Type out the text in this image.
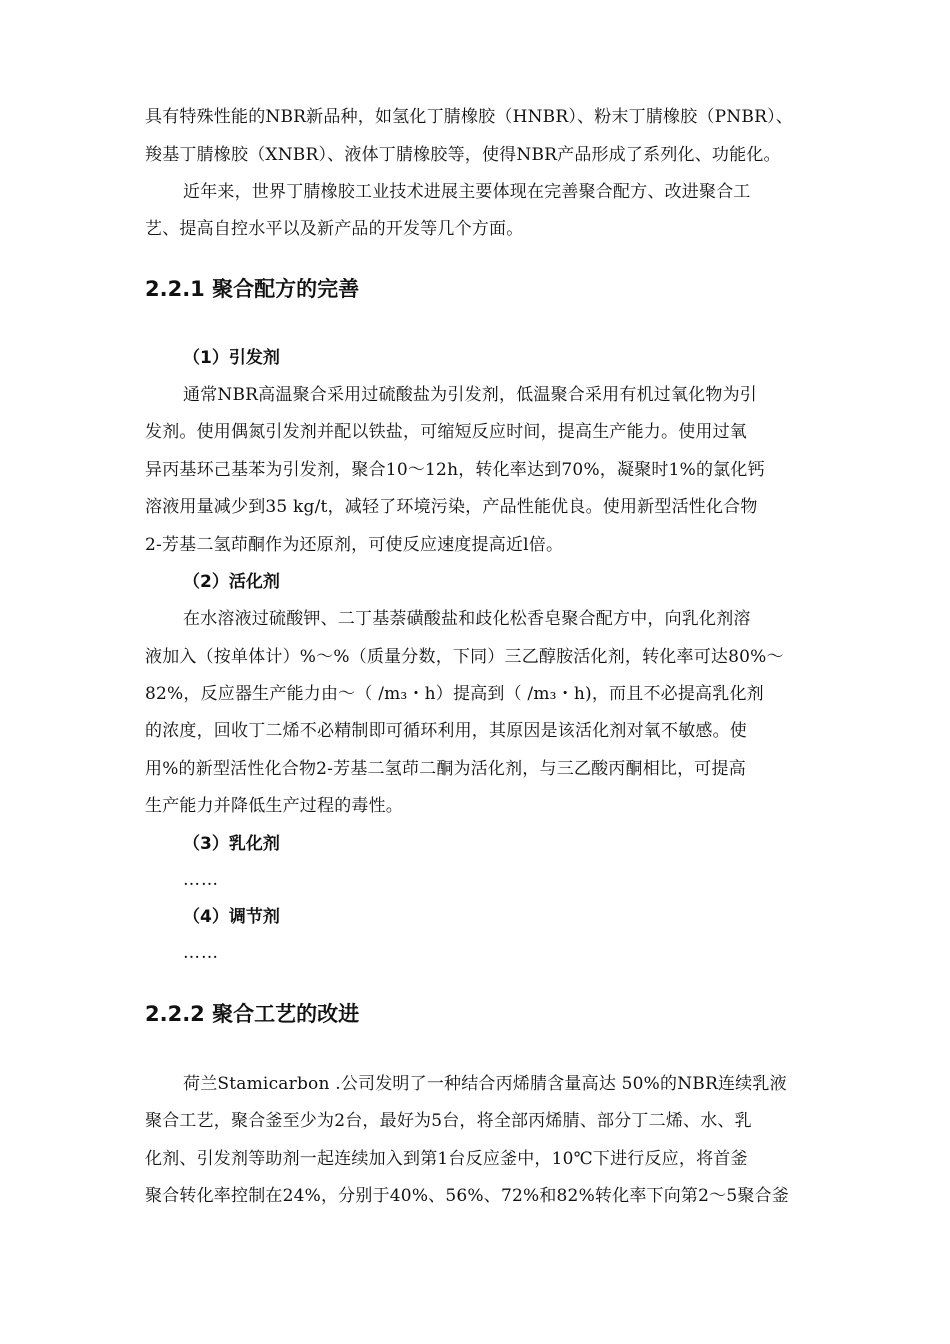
具有特殊性能的NBR新品种，如氢化丁腈橡胶（HNBR）、粉末丁腈橡胶（PNBR）、
羧基丁腈橡胶（XNBR）、液体丁腈橡胶等，使得NBR产品形成了系列化、功能化。
近年来，世界丁腈橡胶工业技术进展主要体现在完善聚合配方、改进聚合工
艺、提高自控水平以及新产品的开发等几个方面。
2.2.1 聚合配方的完善
（1）引发剂
通常NBR高温聚合采用过硫酸盐为引发剂，低温聚合采用有机过氧化物为引
发剂。使用偶氮引发剂并配以铁盐，可缩短反应时间，提高生产能力。使用过氧
异丙基环己基苯为引发剂，聚合10～12h，转化率达到70%，凝聚时1%的氯化钙
溶液用量减少到35 kg/t，减轻了环境污染，产品性能优良。使用新型活性化合物
2-芳基二氢茚酮作为还原剂，可使反应速度提高近l倍。
（2）活化剂
在水溶液过硫酸钾、二丁基萘磺酸盐和歧化松香皂聚合配方中，向乳化剂溶
液加入（按单体计）%～%（质量分数，下同）三乙醇胺活化剂，转化率可达80%～
82%，反应器生产能力由～（ /m₃・h）提高到（ /m₃・h)，而且不必提高乳化剂
的浓度，回收丁二烯不必精制即可循环利用，其原因是该活化剂对氧不敏感。使
用%的新型活性化合物2-芳基二氢茚二酮为活化剂，与三乙酸丙酮相比，可提高
生产能力并降低生产过程的毒性。
（3）乳化剂
……
（4）调节剂
……
2.2.2 聚合工艺的改进
荷兰Stamicarbon .公司发明了一种结合丙烯腈含量高达 50%的NBR连续乳液
聚合工艺，聚合釜至少为2台，最好为5台，将全部丙烯腈、部分丁二烯、水、乳
化剂、引发剂等助剂一起连续加入到第1台反应釜中，10℃下进行反应，将首釜
聚合转化率控制在24%，分别于40%、56%、72%和82%转化率下向第2～5聚合釜
